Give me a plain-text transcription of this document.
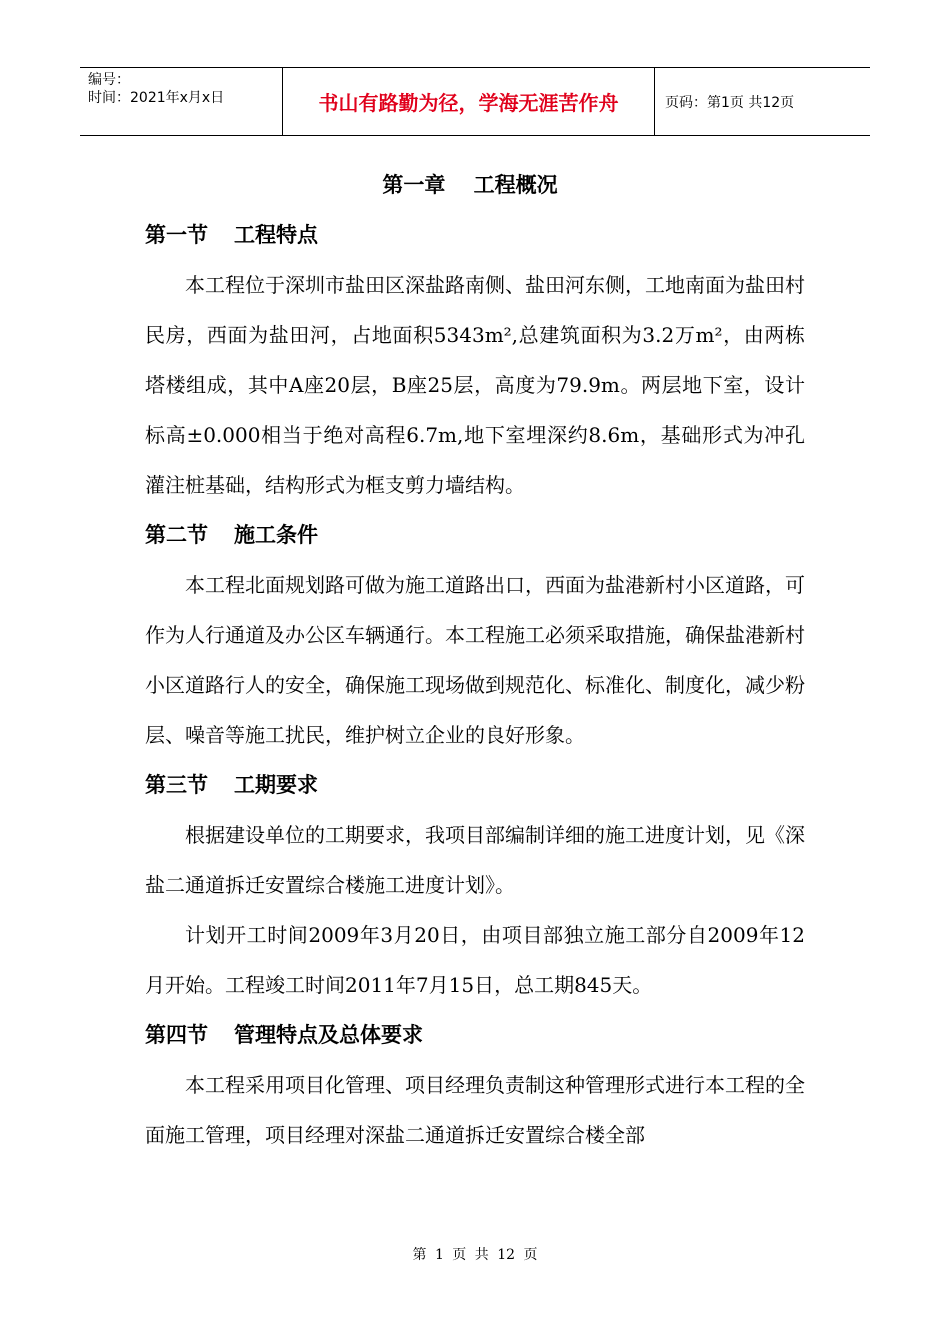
编号：
时间：2021年x月x日	书山有路勤为径，学海无涯苦作舟	页码：第1页 共12页
第一章　 工程概况
第一节 工程特点

本工程位于深圳市盐田区深盐路南侧、盐田河东侧，工地南面为盐田村民房，西面为盐田河，占地面积5343m²,总建筑面积为3.2万m²，由两栋塔楼组成，其中A座20层，B座25层，高度为79.9m。两层地下室，设计标高±0.000相当于绝对高程6.7m,地下室埋深约8.6m，基础形式为冲孔灌注桩基础，结构形式为框支剪力墙结构。

第二节 施工条件

本工程北面规划路可做为施工道路出口，西面为盐港新村小区道路，可作为人行通道及办公区车辆通行。本工程施工必须采取措施，确保盐港新村小区道路行人的安全，确保施工现场做到规范化、标准化、制度化，减少粉层、噪音等施工扰民，维护树立企业的良好形象。

第三节 工期要求

根据建设单位的工期要求，我项目部编制详细的施工进度计划，见《深盐二通道拆迁安置综合楼施工进度计划》。

计划开工时间2009年3月20日，由项目部独立施工部分自2009年12月开始。工程竣工时间2011年7月15日，总工期845天。

第四节 管理特点及总体要求

本工程采用项目化管理、项目经理负责制这种管理形式进行本工程的全面施工管理，项目经理对深盐二通道拆迁安置综合楼全部

第 1 页 共 12 页
